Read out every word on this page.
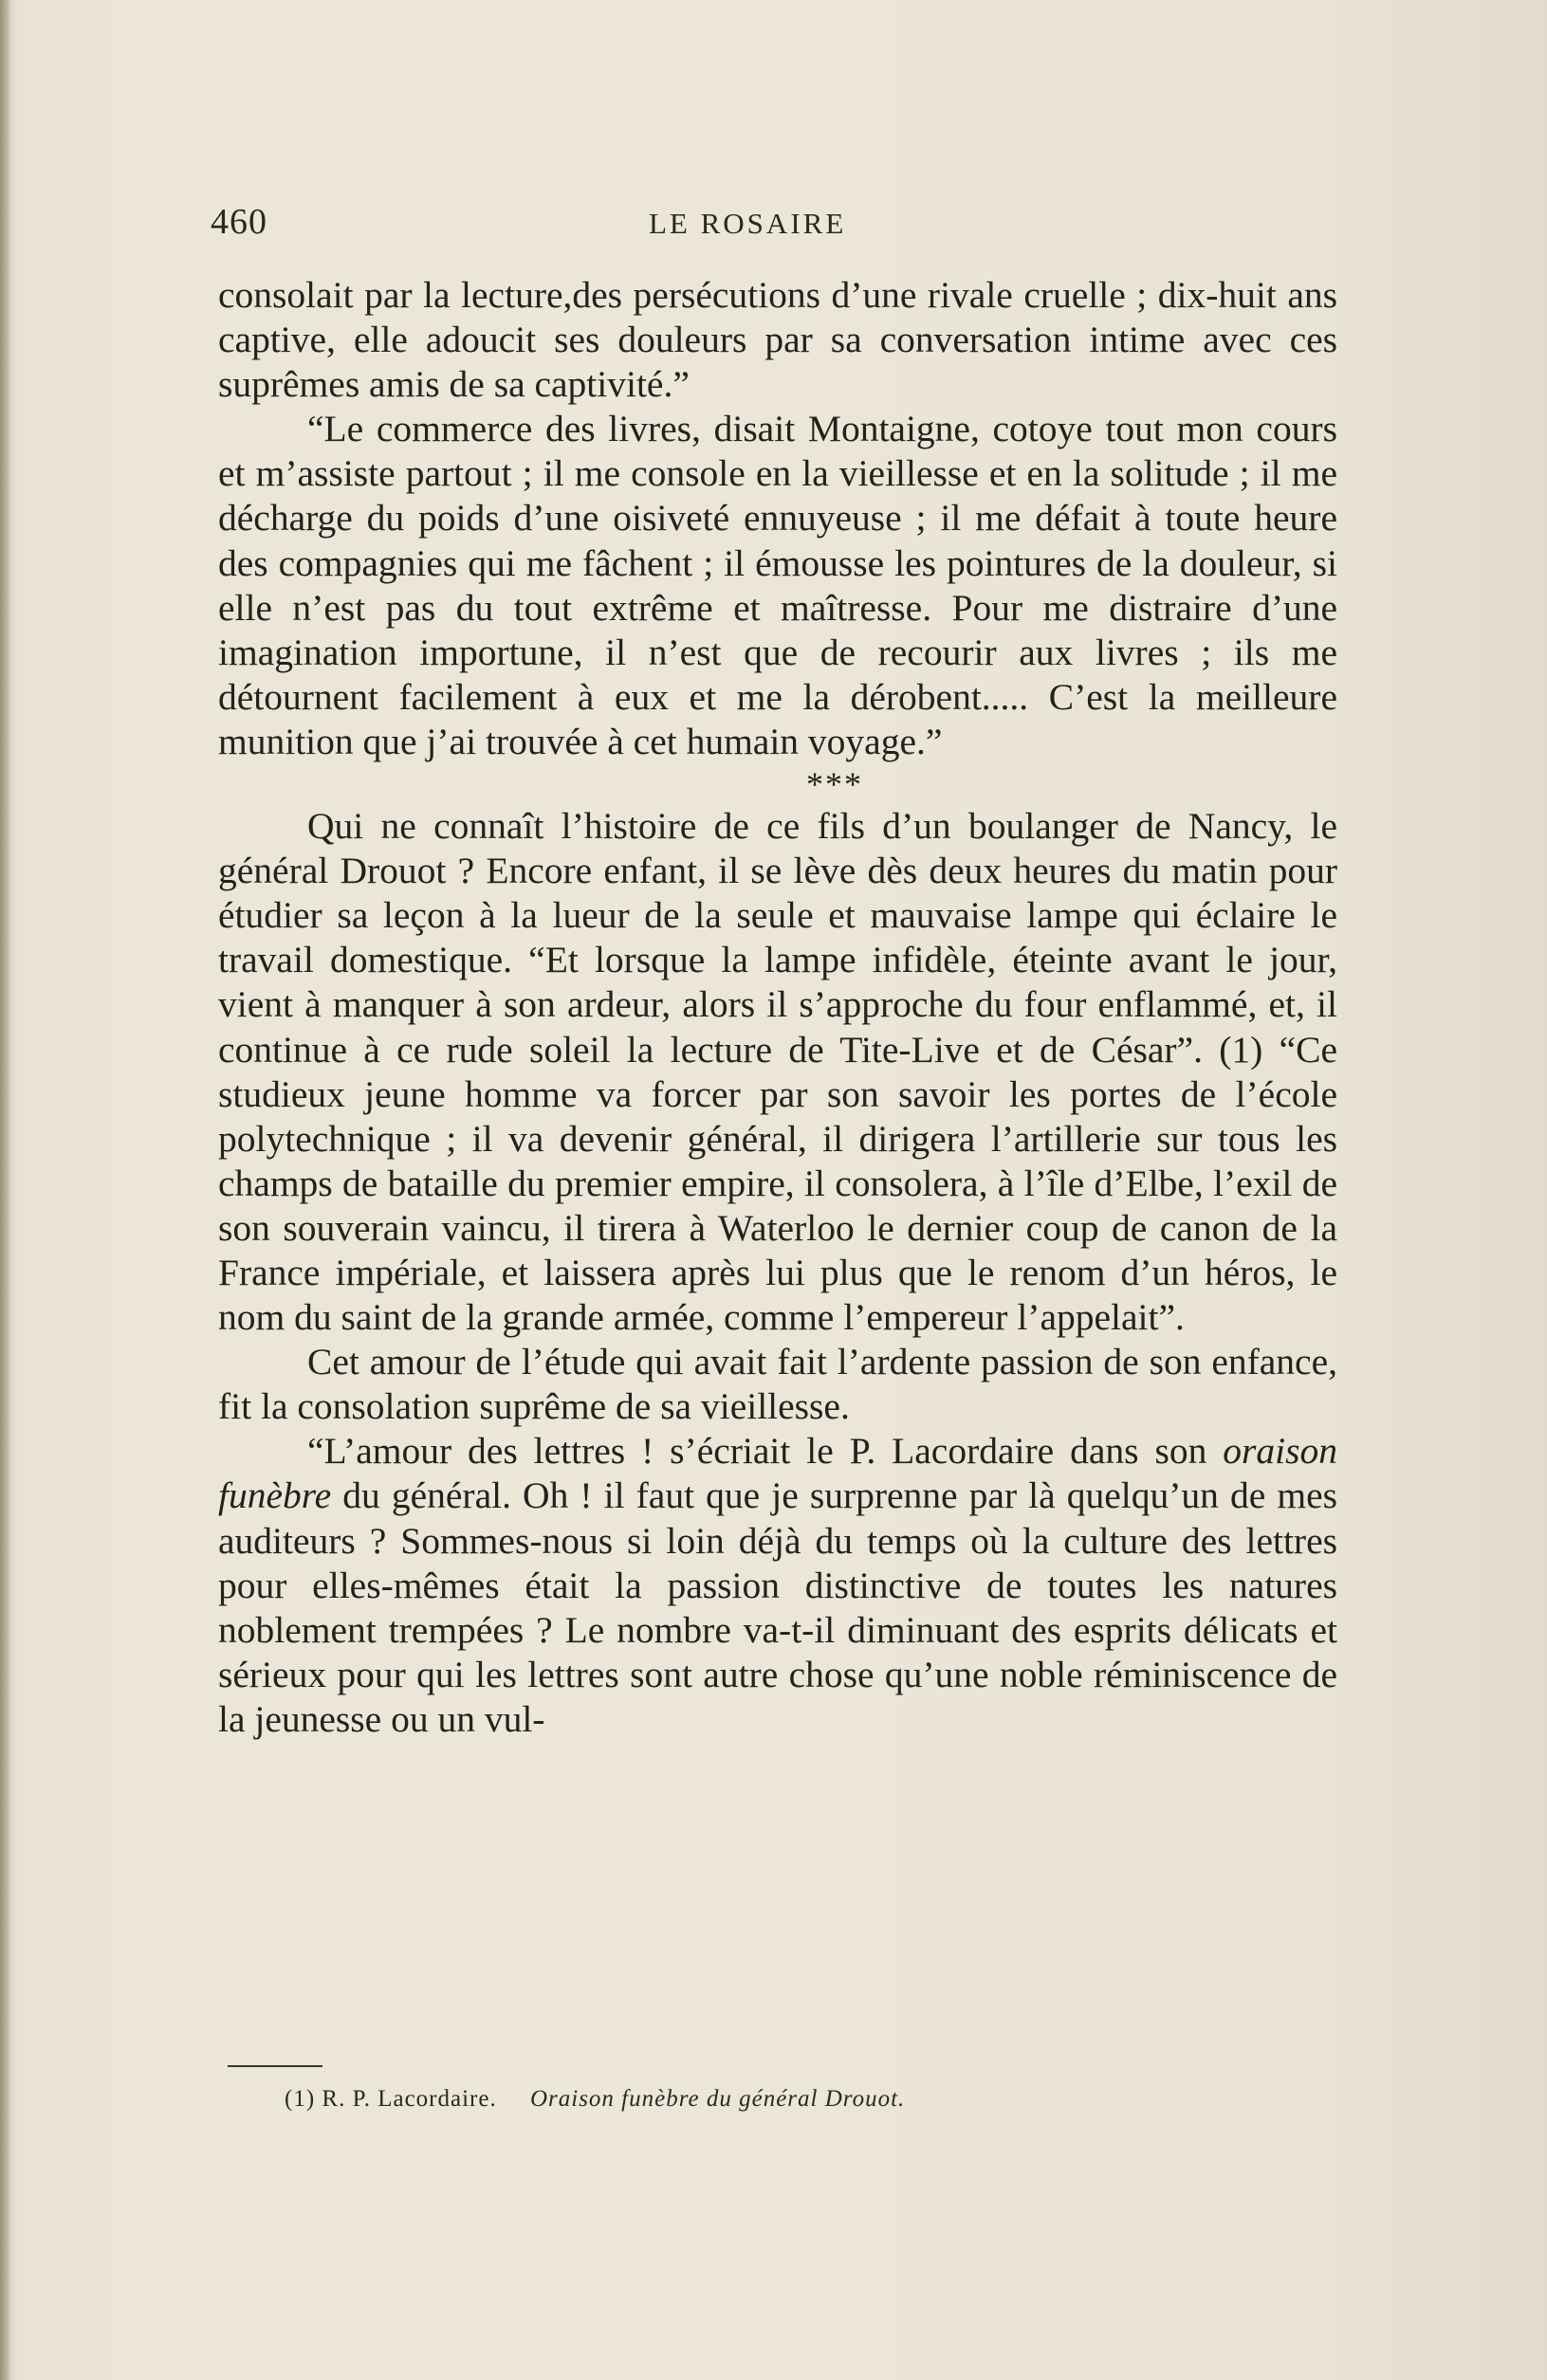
460	LE ROSAIRE

consolait par la lecture,des persécutions d’une rivale cruelle ; dix-huit ans captive, elle adoucit ses douleurs par sa conversation intime avec ces suprêmes amis de sa captivité.”

“Le commerce des livres, disait Montaigne, cotoye tout mon cours et m’assiste partout ; il me console en la vieillesse et en la solitude ; il me décharge du poids d’une oisiveté ennuyeuse ; il me défait à toute heure des compagnies qui me fâchent ; il émousse les pointures de la douleur, si elle n’est pas du tout extrême et maîtresse. Pour me distraire d’une imagination importune, il n’est que de recourir aux livres ; ils me détournent facilement à eux et me la dérobent..... C’est la meilleure munition que j’ai trouvée à cet humain voyage.”

***

Qui ne connaît l’histoire de ce fils d’un boulanger de Nancy, le général Drouot ? Encore enfant, il se lève dès deux heures du matin pour étudier sa leçon à la lueur de la seule et mauvaise lampe qui éclaire le travail domestique. “Et lorsque la lampe infidèle, éteinte avant le jour, vient à manquer à son ardeur, alors il s’approche du four enflammé, et, il continue à ce rude soleil la lecture de Tite-Live et de César”. (1) “Ce studieux jeune homme va forcer par son savoir les portes de l’école polytechnique ; il va devenir général, il dirigera l’artillerie sur tous les champs de bataille du premier empire, il consolera, à l’île d’Elbe, l’exil de son souverain vaincu, il tirera à Waterloo le dernier coup de canon de la France impériale, et laissera après lui plus que le renom d’un héros, le nom du saint de la grande armée, comme l’empereur l’appelait”.

Cet amour de l’étude qui avait fait l’ardente passion de son enfance, fit la consolation suprême de sa vieillesse.

“L’amour des lettres ! s’écriait le P. Lacordaire dans son oraison funèbre du général. Oh ! il faut que je surprenne par là quelqu’un de mes auditeurs ? Sommes-nous si loin déjà du temps où la culture des lettres pour elles-mêmes était la passion distinctive de toutes les natures noblement trempées ? Le nombre va-t-il diminuant des esprits délicats et sérieux pour qui les lettres sont autre chose qu’une noble réminiscence de la jeunesse ou un vul-

(1) R. P. Lacordaire. Oraison funèbre du général Drouot.
